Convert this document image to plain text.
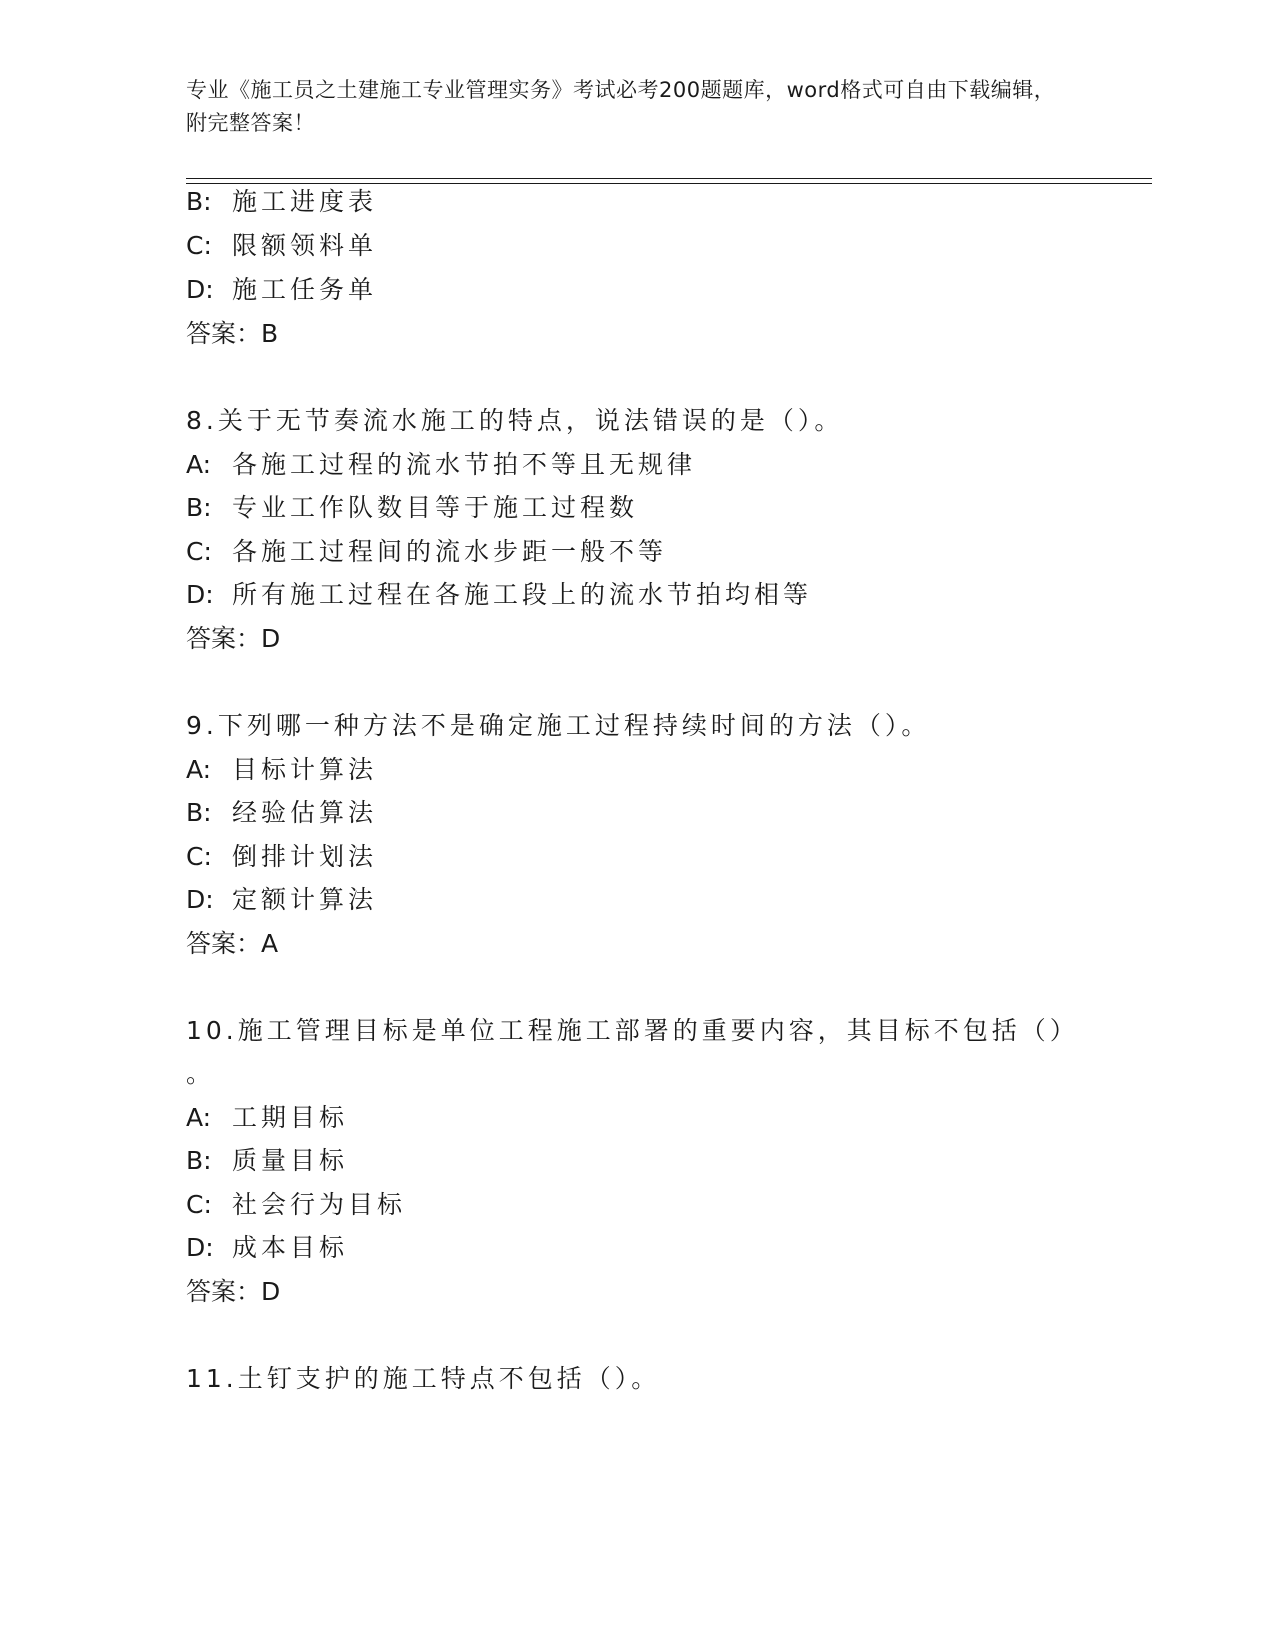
专业《施工员之土建施工专业管理实务》考试必考200题题库，word格式可自由下载编辑，附完整答案！
B: 施工进度表
C: 限额领料单
D: 施工任务单
答案：B
8.关于无节奏流水施工的特点，说法错误的是（）。
A: 各施工过程的流水节拍不等且无规律
B: 专业工作队数目等于施工过程数
C: 各施工过程间的流水步距一般不等
D: 所有施工过程在各施工段上的流水节拍均相等
答案：D
9.下列哪一种方法不是确定施工过程持续时间的方法（）。
A: 目标计算法
B: 经验估算法
C: 倒排计划法
D: 定额计算法
答案：A
10.施工管理目标是单位工程施工部署的重要内容，其目标不包括（）
。
A: 工期目标
B: 质量目标
C: 社会行为目标
D: 成本目标
答案：D
11.土钉支护的施工特点不包括（）。
